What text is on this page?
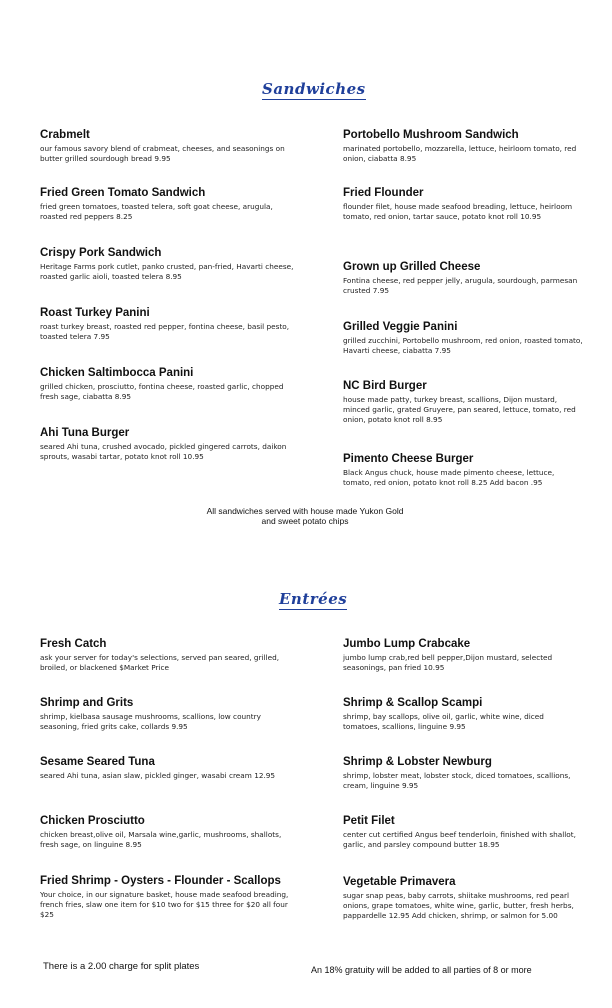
Sandwiches
Crabmelt
our famous savory blend of crabmeat, cheeses, and seasonings on butter grilled sourdough bread 9.95
Fried Green Tomato Sandwich
fried green tomatoes, toasted telera, soft goat cheese, arugula, roasted red peppers 8.25
Crispy Pork Sandwich
Heritage Farms pork cutlet, panko crusted, pan-fried, Havarti cheese, roasted garlic aioli, toasted telera 8.95
Roast Turkey Panini
roast turkey breast, roasted red pepper, fontina cheese, basil pesto, toasted telera 7.95
Chicken Saltimbocca Panini
grilled chicken, prosciutto, fontina cheese, roasted garlic, chopped fresh sage, ciabatta 8.95
Ahi Tuna Burger
seared Ahi tuna, crushed avocado, pickled gingered carrots, daikon sprouts, wasabi tartar, potato knot roll 10.95
Portobello Mushroom Sandwich
marinated portobello, mozzarella, lettuce, heirloom tomato, red onion, ciabatta 8.95
Fried Flounder
flounder filet, house made seafood breading, lettuce, heirloom tomato, red onion, tartar sauce, potato knot roll 10.95
Grown up Grilled Cheese
Fontina cheese, red pepper jelly, arugula, sourdough, parmesan crusted 7.95
Grilled Veggie Panini
grilled zucchini, Portobello mushroom, red onion, roasted tomato, Havarti cheese, ciabatta 7.95
NC Bird Burger
house made patty, turkey breast, scallions, Dijon mustard, minced garlic, grated Gruyere, pan seared, lettuce, tomato, red onion, potato knot roll 8.95
Pimento Cheese Burger
Black Angus chuck, house made pimento cheese, lettuce, tomato, red onion, potato knot roll 8.25 Add bacon .95
All sandwiches served with house made Yukon Gold
and sweet potato chips
Entrées
Fresh Catch
ask your server for today's selections, served pan seared, grilled, broiled, or blackened $Market Price
Shrimp and Grits
shrimp, kielbasa sausage mushrooms, scallions, low country seasoning, fried grits cake, collards 9.95
Sesame Seared Tuna
seared Ahi tuna, asian slaw, pickled ginger, wasabi cream 12.95
Chicken Prosciutto
chicken breast,olive oil, Marsala wine,garlic, mushrooms, shallots, fresh sage, on linguine 8.95
Fried Shrimp - Oysters - Flounder - Scallops
Your choice, in our signature basket, house made seafood breading, french fries, slaw one item for $10 two for $15 three for $20 all four $25
Jumbo Lump Crabcake
jumbo lump crab,red bell pepper,Dijon mustard, selected seasonings, pan fried 10.95
Shrimp & Scallop Scampi
shrimp, bay scallops, olive oil, garlic, white wine, diced tomatoes, scallions, linguine 9.95
Shrimp & Lobster Newburg
shrimp, lobster meat, lobster stock, diced tomatoes, scallions, cream, linguine 9.95
Petit Filet
center cut certified Angus beef tenderloin, finished with shallot, garlic, and parsley compound butter 18.95
Vegetable Primavera
sugar snap peas, baby carrots, shiitake mushrooms, red pearl onions, grape tomatoes, white wine, garlic, butter, fresh herbs, pappardelle 12.95 Add chicken, shrimp, or salmon for 5.00
There is a 2.00 charge for split plates	An 18% gratuity will be added to all parties of 8 or more
